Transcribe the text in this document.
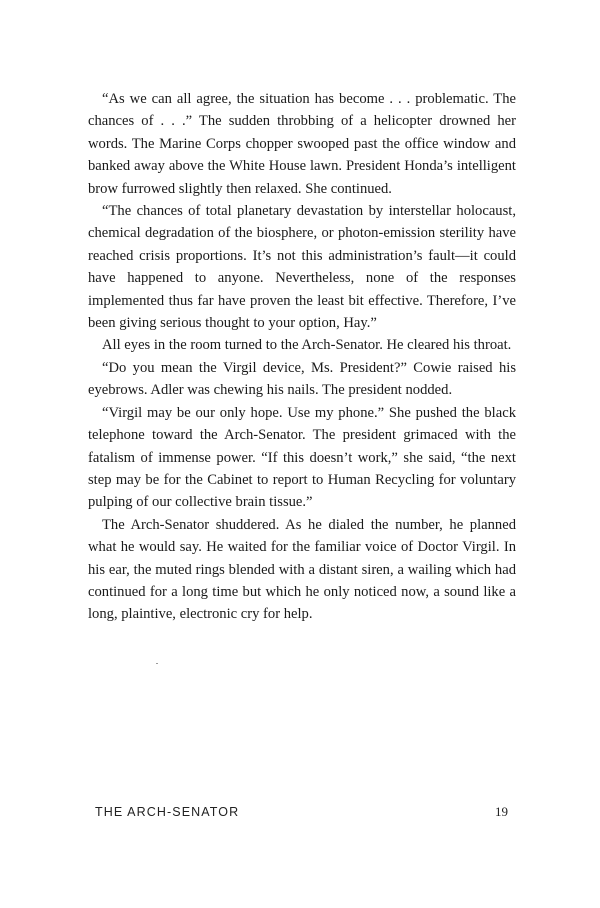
“As we can all agree, the situation has become . . . problematic. The chances of . . .” The sudden throbbing of a helicopter drowned her words. The Marine Corps chopper swooped past the office window and banked away above the White House lawn. President Honda’s intelligent brow furrowed slightly then relaxed. She continued.

“The chances of total planetary devastation by interstellar holocaust, chemical degradation of the biosphere, or photon-emission sterility have reached crisis proportions. It’s not this administration’s fault—it could have happened to anyone. Nevertheless, none of the responses implemented thus far have proven the least bit effective. Therefore, I’ve been giving serious thought to your option, Hay.”

All eyes in the room turned to the Arch-Senator. He cleared his throat.

“Do you mean the Virgil device, Ms. President?” Cowie raised his eyebrows. Adler was chewing his nails. The president nodded.

“Virgil may be our only hope. Use my phone.” She pushed the black telephone toward the Arch-Senator. The president grimaced with the fatalism of immense power. “If this doesn’t work,” she said, “the next step may be for the Cabinet to report to Human Recycling for voluntary pulping of our collective brain tissue.”

The Arch-Senator shuddered. As he dialed the number, he planned what he would say. He waited for the familiar voice of Doctor Virgil. In his ear, the muted rings blended with a distant siren, a wailing which had continued for a long time but which he only noticed now, a sound like a long, plaintive, electronic cry for help.

THE ARCH-SENATOR	19
